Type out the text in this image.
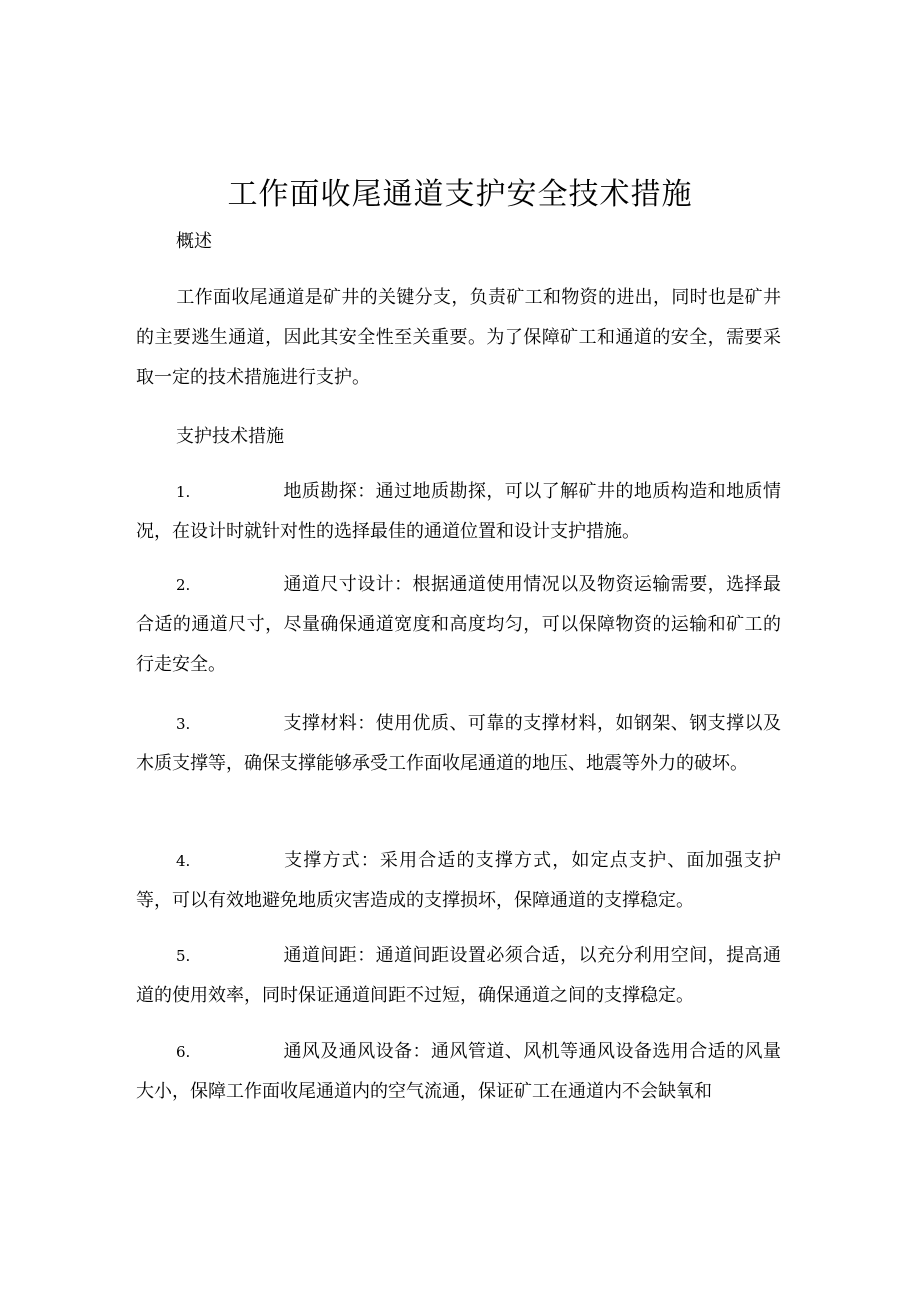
工作面收尾通道支护安全技术措施
概述
工作面收尾通道是矿井的关键分支，负责矿工和物资的进出，同时也是矿井的主要逃生通道，因此其安全性至关重要。为了保障矿工和通道的安全，需要采取一定的技术措施进行支护。
支护技术措施
1.	地质勘探：通过地质勘探，可以了解矿井的地质构造和地质情况，在设计时就针对性的选择最佳的通道位置和设计支护措施。
2.	通道尺寸设计：根据通道使用情况以及物资运输需要，选择最合适的通道尺寸，尽量确保通道宽度和高度均匀，可以保障物资的运输和矿工的行走安全。
3.	支撑材料：使用优质、可靠的支撑材料，如钢架、钢支撑以及木质支撑等，确保支撑能够承受工作面收尾通道的地压、地震等外力的破坏。
4.	支撑方式：采用合适的支撑方式，如定点支护、面加强支护等，可以有效地避免地质灾害造成的支撑损坏，保障通道的支撑稳定。
5.	通道间距：通道间距设置必须合适，以充分利用空间，提高通道的使用效率，同时保证通道间距不过短，确保通道之间的支撑稳定。
6.	通风及通风设备：通风管道、风机等通风设备选用合适的风量大小，保障工作面收尾通道内的空气流通，保证矿工在通道内不会缺氧和
